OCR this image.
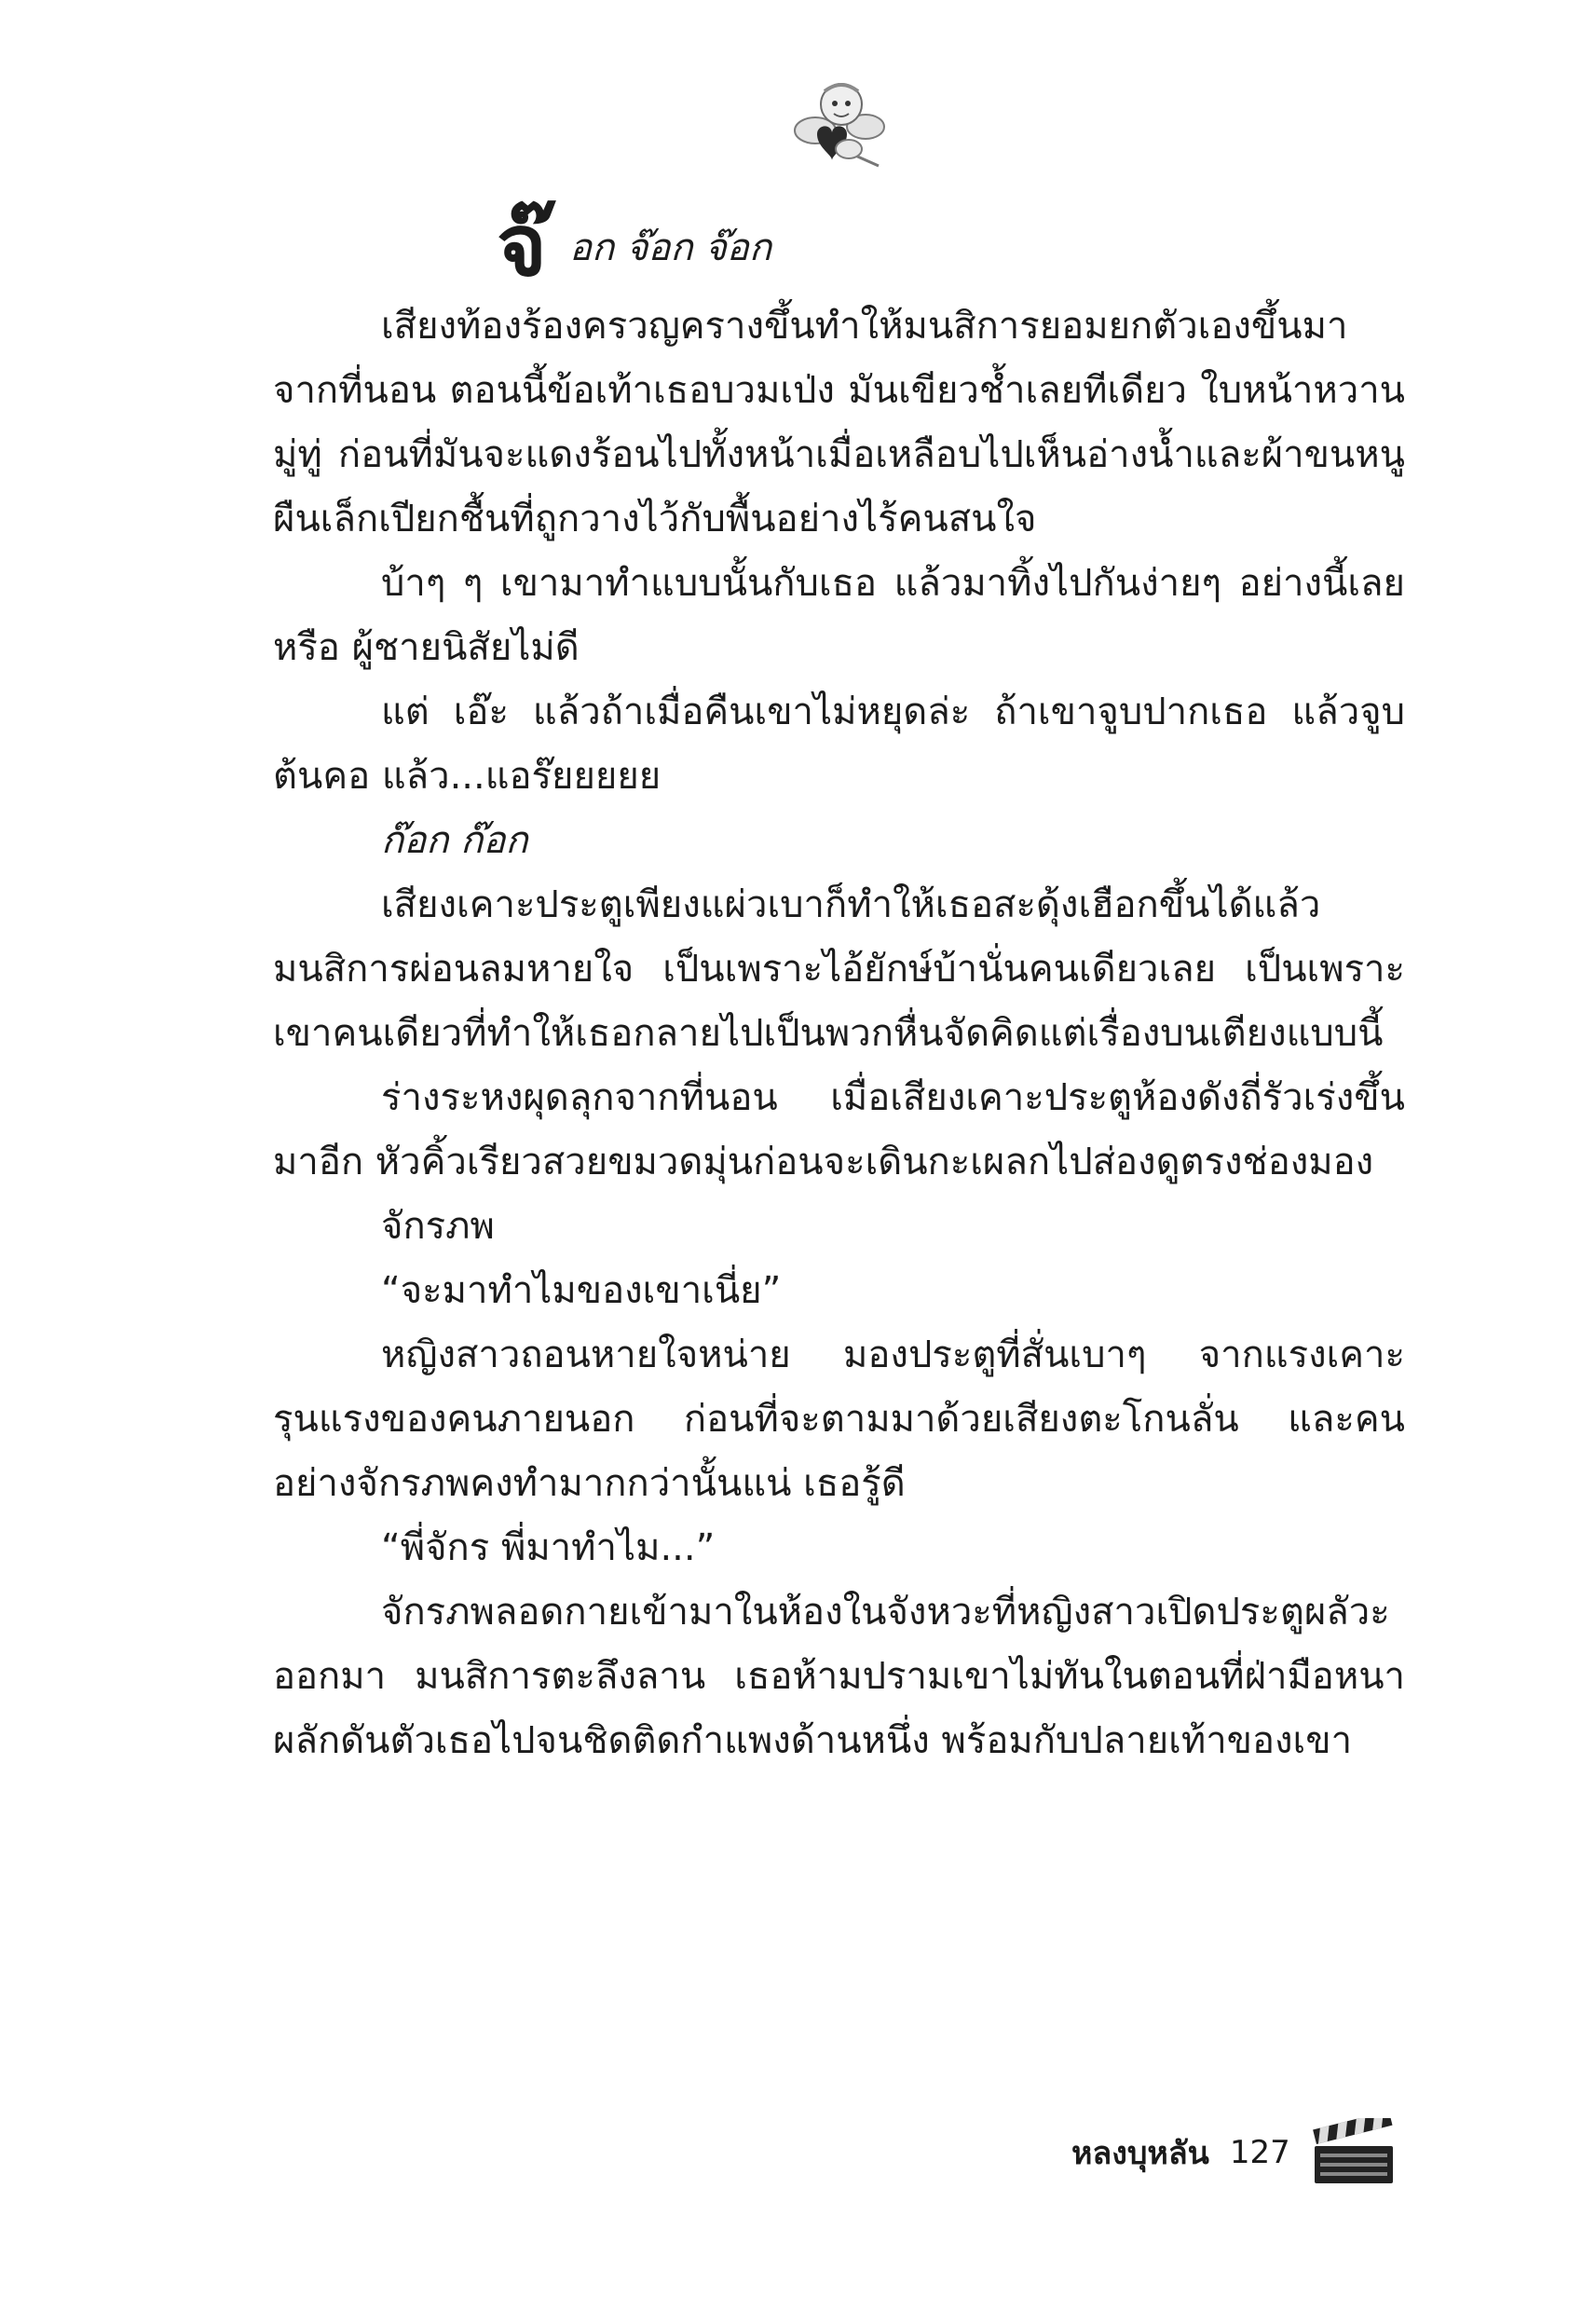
จ๊ อก จ๊อก จ๊อก

เสียงท้องร้องครวญครางขึ้นทำให้มนสิการยอมยกตัวเองขึ้นมาจากที่นอน ตอนนี้ข้อเท้าเธอบวมเป่ง มันเขียวช้ำเลยทีเดียว ใบหน้าหวานมู่ทู่ ก่อนที่มันจะแดงร้อนไปทั้งหน้าเมื่อเหลือบไปเห็นอ่างน้ำและผ้าขนหนูผืนเล็กเปียกชื้นที่ถูกวางไว้กับพื้นอย่างไร้คนสนใจ

บ้าๆ ๆ เขามาทำแบบนั้นกับเธอ แล้วมาทิ้งไปกันง่ายๆ อย่างนี้เลยหรือ ผู้ชายนิสัยไม่ดี

แต่ เอ๊ะ แล้วถ้าเมื่อคืนเขาไม่หยุดล่ะ ถ้าเขาจูบปากเธอ แล้วจูบต้นคอ แล้ว...แอร๊ยยยยย

ก๊อก ก๊อก

เสียงเคาะประตูเพียงแผ่วเบาก็ทำให้เธอสะดุ้งเฮือกขึ้นได้แล้ว มนสิการผ่อนลมหายใจ เป็นเพราะไอ้ยักษ์บ้านั่นคนเดียวเลย เป็นเพราะเขาคนเดียวที่ทำให้เธอกลายไปเป็นพวกหื่นจัดคิดแต่เรื่องบนเตียงแบบนี้

ร่างระหงผุดลุกจากที่นอน เมื่อเสียงเคาะประตูห้องดังถี่รัวเร่งขึ้นมาอีก หัวคิ้วเรียวสวยขมวดมุ่นก่อนจะเดินกะเผลกไปส่องดูตรงช่องมอง

จักรภพ

“จะมาทำไมของเขาเนี่ย”

หญิงสาวถอนหายใจหน่าย มองประตูที่สั่นเบาๆ จากแรงเคาะรุนแรงของคนภายนอก ก่อนที่จะตามมาด้วยเสียงตะโกนลั่น และคนอย่างจักรภพคงทำมากกว่านั้นแน่ เธอรู้ดี

“พี่จักร พี่มาทำไม...”

จักรภพลอดกายเข้ามาในห้องในจังหวะที่หญิงสาวเปิดประตูผลัวะออกมา มนสิการตะลึงลาน เธอห้ามปรามเขาไม่ทันในตอนที่ฝ่ามือหนาผลักดันตัวเธอไปจนชิดติดกำแพงด้านหนึ่ง พร้อมกับปลายเท้าของเขา

หลงบุหลัน 127
